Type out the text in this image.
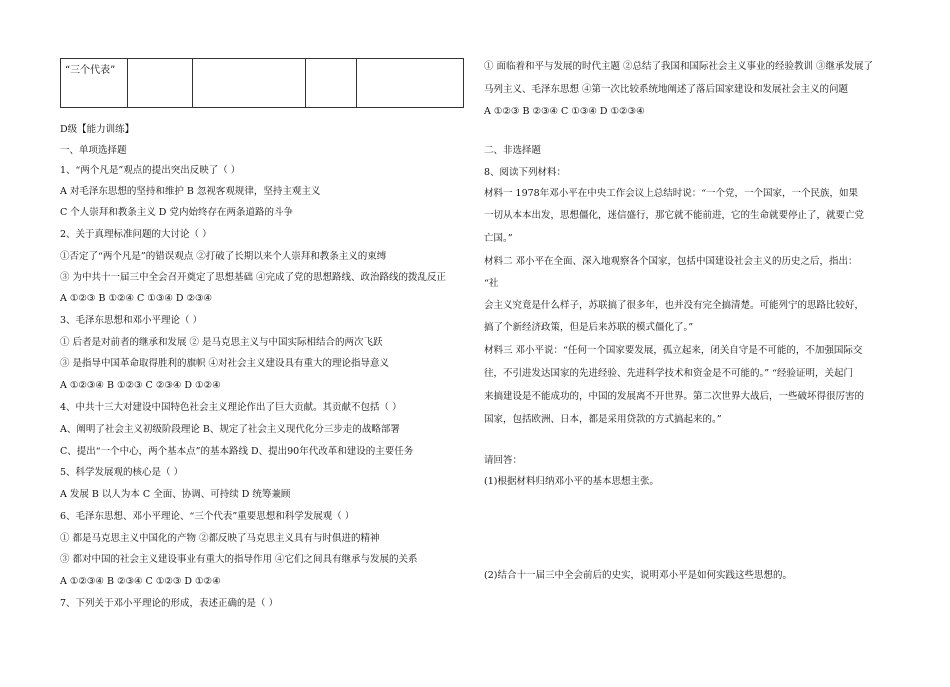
“三个代表”				
D级【能力训练】
一、单项选择题
1、“两个凡是”观点的提出突出反映了（ ）
A 对毛泽东思想的坚持和维护 B 忽视客观规律，坚持主观主义
C 个人崇拜和教条主义 D 党内始终存在两条道路的斗争
2、关于真理标准问题的大讨论（ ）
①否定了“两个凡是”的错误观点 ②打破了长期以来个人崇拜和教条主义的束缚
③ 为中共十一届三中全会召开奠定了思想基础 ④完成了党的思想路线、政治路线的拨乱反正
A ①②③ B ①②④ C ①③④ D ②③④
3、毛泽东思想和邓小平理论（ ）
① 后者是对前者的继承和发展 ② 是马克思主义与中国实际相结合的两次飞跃
③ 是指导中国革命取得胜利的旗帜 ④对社会主义建设具有重大的理论指导意义
A ①②③④ B ①②③ C ②③④ D ①②④
4、中共十三大对建设中国特色社会主义理论作出了巨大贡献。其贡献不包括（ ）
A、阐明了社会主义初级阶段理论 B、规定了社会主义现代化分三步走的战略部署
C、提出“一个中心，两个基本点”的基本路线 D、提出90年代改革和建设的主要任务
5、科学发展观的核心是（ ）
A 发展 B 以人为本 C 全面、协调、可持续 D 统筹兼顾
6、毛泽东思想、邓小平理论、“三个代表”重要思想和科学发展观（ ）
① 都是马克思主义中国化的产物 ②都反映了马克思主义具有与时俱进的精神
③ 都对中国的社会主义建设事业有重大的指导作用 ④它们之间具有继承与发展的关系
A ①②③④ B ②③④ C ①②③ D ①②④
7、下列关于邓小平理论的形成，表述正确的是（ ）
① 面临着和平与发展的时代主题 ②总结了我国和国际社会主义事业的经验教训 ③继承发展了
马列主义、毛泽东思想 ④第一次比较系统地阐述了落后国家建设和发展社会主义的问题
A ①②③ B ②③④ C ①③④ D ①②③④
二、非选择题
8、阅读下列材料：
材料一 1978年邓小平在中央工作会议上总结时说：“一个党，一个国家，一个民族，如果
一切从本本出发，思想僵化，迷信盛行，那它就不能前进，它的生命就要停止了，就要亡党
亡国。”
材料二 邓小平在全面、深入地观察各个国家，包括中国建设社会主义的历史之后，指出：
“社
会主义究竟是什么样子，苏联搞了很多年，也并没有完全搞清楚。可能列宁的思路比较好，
搞了个新经济政策，但是后来苏联的模式僵化了。”
材料三 邓小平说：“任何一个国家要发展，孤立起来，闭关自守是不可能的，不加强国际交
往，不引进发达国家的先进经验、先进科学技术和资金是不可能的。” “经验证明，关起门
来搞建设是不能成功的，中国的发展离不开世界。第二次世界大战后，一些破坏得很厉害的
国家，包括欧洲、日本，都是采用贷款的方式搞起来的。”
请回答：
(1)根据材料归纳邓小平的基本思想主张。
(2)结合十一届三中全会前后的史实，说明邓小平是如何实践这些思想的。
